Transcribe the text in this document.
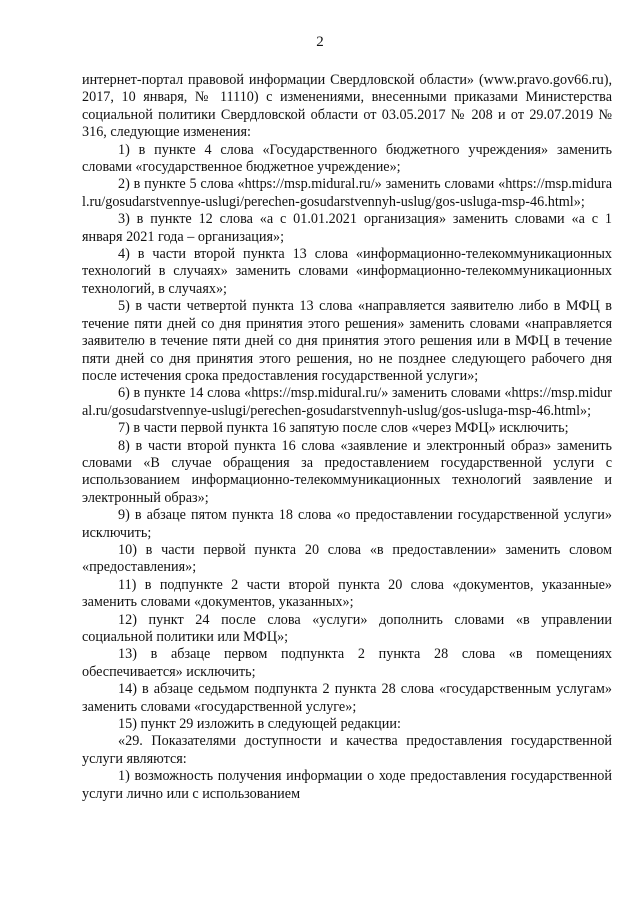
2

интернет-портал правовой информации Свердловской области» (www.pravo.gov66.ru), 2017, 10 января, № 11110) с изменениями, внесенными приказами Министерства социальной политики Свердловской области от 03.05.2017 № 208 и от 29.07.2019 № 316, следующие изменения:

1) в пункте 4 слова «Государственного бюджетного учреждения» заменить словами «государственное бюджетное учреждение»;

2) в пункте 5 слова «https://msp.midural.ru/» заменить словами «https://msp.midural.ru/gosudarstvennye-uslugi/perechen-gosudarstvennyh-uslug/gos-usluga-msp-46.html»;

3) в пункте 12 слова «а с 01.01.2021 организация» заменить словами «а с 1 января 2021 года – организация»;

4) в части второй пункта 13 слова «информационно-телекоммуникационных технологий в случаях» заменить словами «информационно-телекоммуникационных технологий, в случаях»;

5) в части четвертой пункта 13 слова «направляется заявителю либо в МФЦ в течение пяти дней со дня принятия этого решения» заменить словами «направляется заявителю в течение пяти дней со дня принятия этого решения или в МФЦ в течение пяти дней со дня принятия этого решения, но не позднее следующего рабочего дня после истечения срока предоставления государственной услуги»;

6) в пункте 14 слова «https://msp.midural.ru/» заменить словами «https://msp.midural.ru/gosudarstvennye-uslugi/perechen-gosudarstvennyh-uslug/gos-usluga-msp-46.html»;

7) в части первой пункта 16 запятую после слов «через МФЦ» исключить;

8) в части второй пункта 16 слова «заявление и электронный образ» заменить словами «В случае обращения за предоставлением государственной услуги с использованием информационно-телекоммуникационных технологий заявление и электронный образ»;

9) в абзаце пятом пункта 18 слова «о предоставлении государственной услуги» исключить;

10) в части первой пункта 20 слова «в предоставлении» заменить словом «предоставления»;

11) в подпункте 2 части второй пункта 20 слова «документов, указанные» заменить словами «документов, указанных»;

12) пункт 24 после слова «услуги» дополнить словами «в управлении социальной политики или МФЦ»;

13) в абзаце первом подпункта 2 пункта 28 слова «в помещениях обеспечивается» исключить;

14) в абзаце седьмом подпункта 2 пункта 28 слова «государственным услугам» заменить словами «государственной услуге»;

15) пункт 29 изложить в следующей редакции:

«29. Показателями доступности и качества предоставления государственной услуги являются:

1) возможность получения информации о ходе предоставления государственной услуги лично или с использованием
